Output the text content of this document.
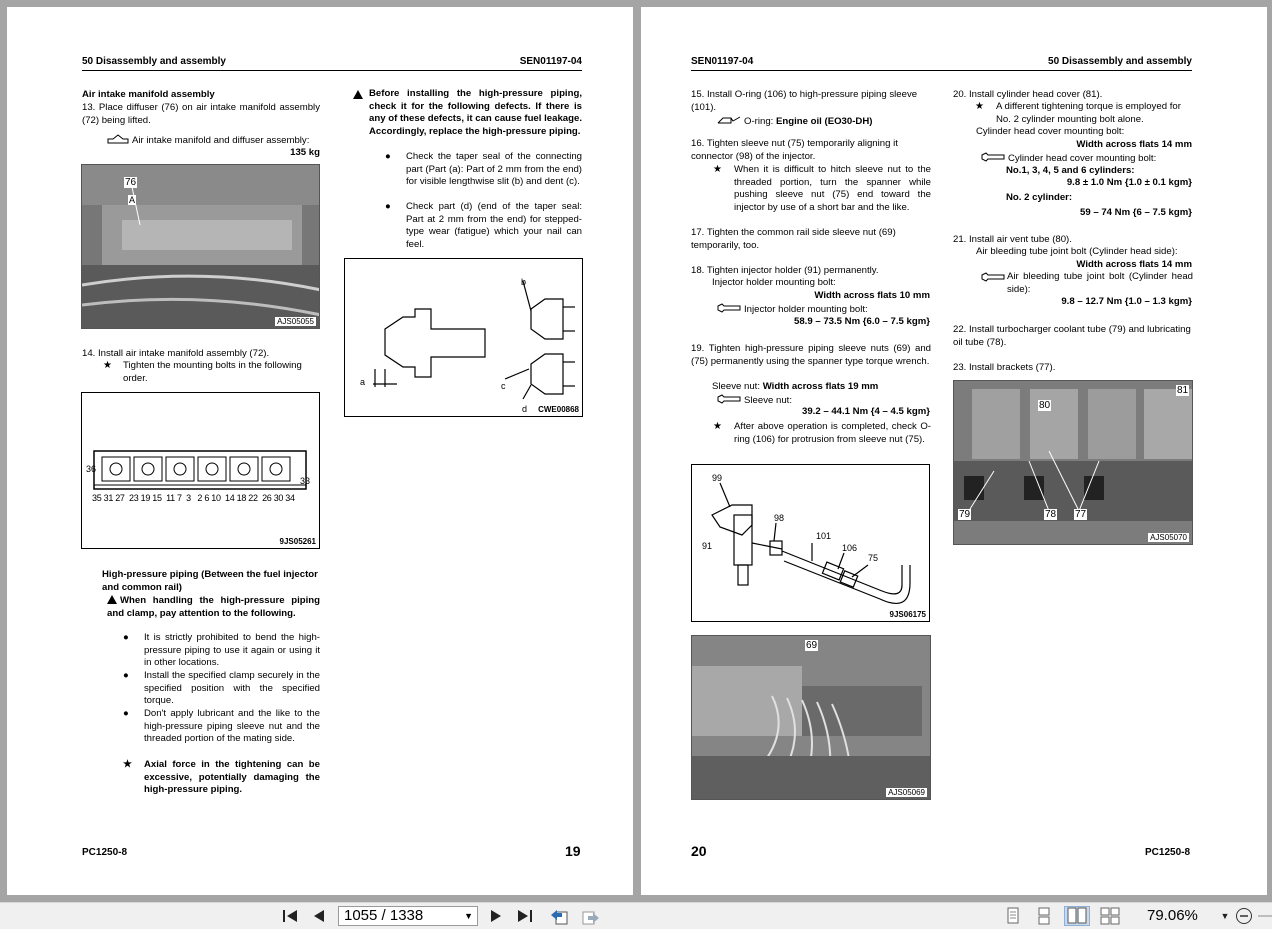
50 Disassembly and assembly	SEN01197-04
Air intake manifold assembly
13. Place diffuser (76) on air intake manifold assembly (72) being lifted.
Air intake manifold and diffuser assembly:
135 kg
76
A
AJS05055
14. Install air intake manifold assembly (72).
★	Tighten the mounting bolts in the following order.
36
33
35 31 27  23 19 15  11 7  3   2 6 10  14 18 22  26 30 34
9JS05261
High-pressure piping (Between the fuel injector and common rail)
When handling the high-pressure piping and clamp, pay attention to the following.
●	It is strictly prohibited to bend the high-pressure piping to use it again or using it in other locations.
●	Install the specified clamp securely in the specified position with the specified torque.
●	Don't apply lubricant and the like to the high-pressure piping sleeve nut and the threaded portion of the mating side.
★	Axial force in the tightening can be excessive, potentially damaging the high-pressure piping.
Before installing the high-pressure piping, check it for the following defects. If there is any of these defects, it can cause fuel leakage. Accordingly, replace the high-pressure piping.
●	Check the taper seal of the connecting part (Part (a): Part of 2 mm from the end) for visible lengthwise slit (b) and dent (c).
●	Check part (d) (end of the taper seal: Part at 2 mm from the end) for stepped-type wear (fatigue) which your nail can feel.
a
b
c
d CWE00868
PC1250-8	19
SEN01197-04	50 Disassembly and assembly
15. Install O-ring (106) to high-pressure piping sleeve (101).
O-ring: Engine oil (EO30-DH)
16. Tighten sleeve nut (75) temporarily aligning it connector (98) of the injector.
★	When it is difficult to hitch sleeve nut to the threaded portion, turn the spanner while pushing sleeve nut (75) end toward the injector by use of a short bar and the like.
17. Tighten the common rail side sleeve nut (69) temporarily, too.
18. Tighten injector holder (91) permanently.
Injector holder mounting bolt:
Width across flats 10 mm
Injector holder mounting bolt:
58.9 – 73.5 Nm {6.0 – 7.5 kgm}
19. Tighten high-pressure piping sleeve nuts (69) and (75) permanently using the spanner type torque wrench.
Sleeve nut: Width across flats 19 mm
Sleeve nut:
39.2 – 44.1 Nm {4 – 4.5 kgm}
★	After above operation is completed, check O-ring (106) for protrusion from sleeve nut (75).
99
98
91
101
106
75
9JS06175
69
AJS05069
20. Install cylinder head cover (81).
★	A different tightening torque is employed for No. 2 cylinder mounting bolt alone.
Cylinder head cover mounting bolt:
Width across flats 14 mm
Cylinder head cover mounting bolt:
No.1, 3, 4, 5 and 6 cylinders:
9.8 ± 1.0 Nm {1.0 ± 0.1 kgm}
No. 2 cylinder:
59 – 74 Nm {6 – 7.5 kgm}
21. Install air vent tube (80).
Air bleeding tube joint bolt (Cylinder head side):
Width across flats 14 mm
Air bleeding tube joint bolt (Cylinder head side):
9.8 – 12.7 Nm {1.0 – 1.3 kgm}
22. Install turbocharger coolant tube (79) and lubricating oil tube (78).
23. Install brackets (77).
81
80
79	78 77
AJS05070
20	PC1250-8
1055 / 1338	▼	79.06%	▼
